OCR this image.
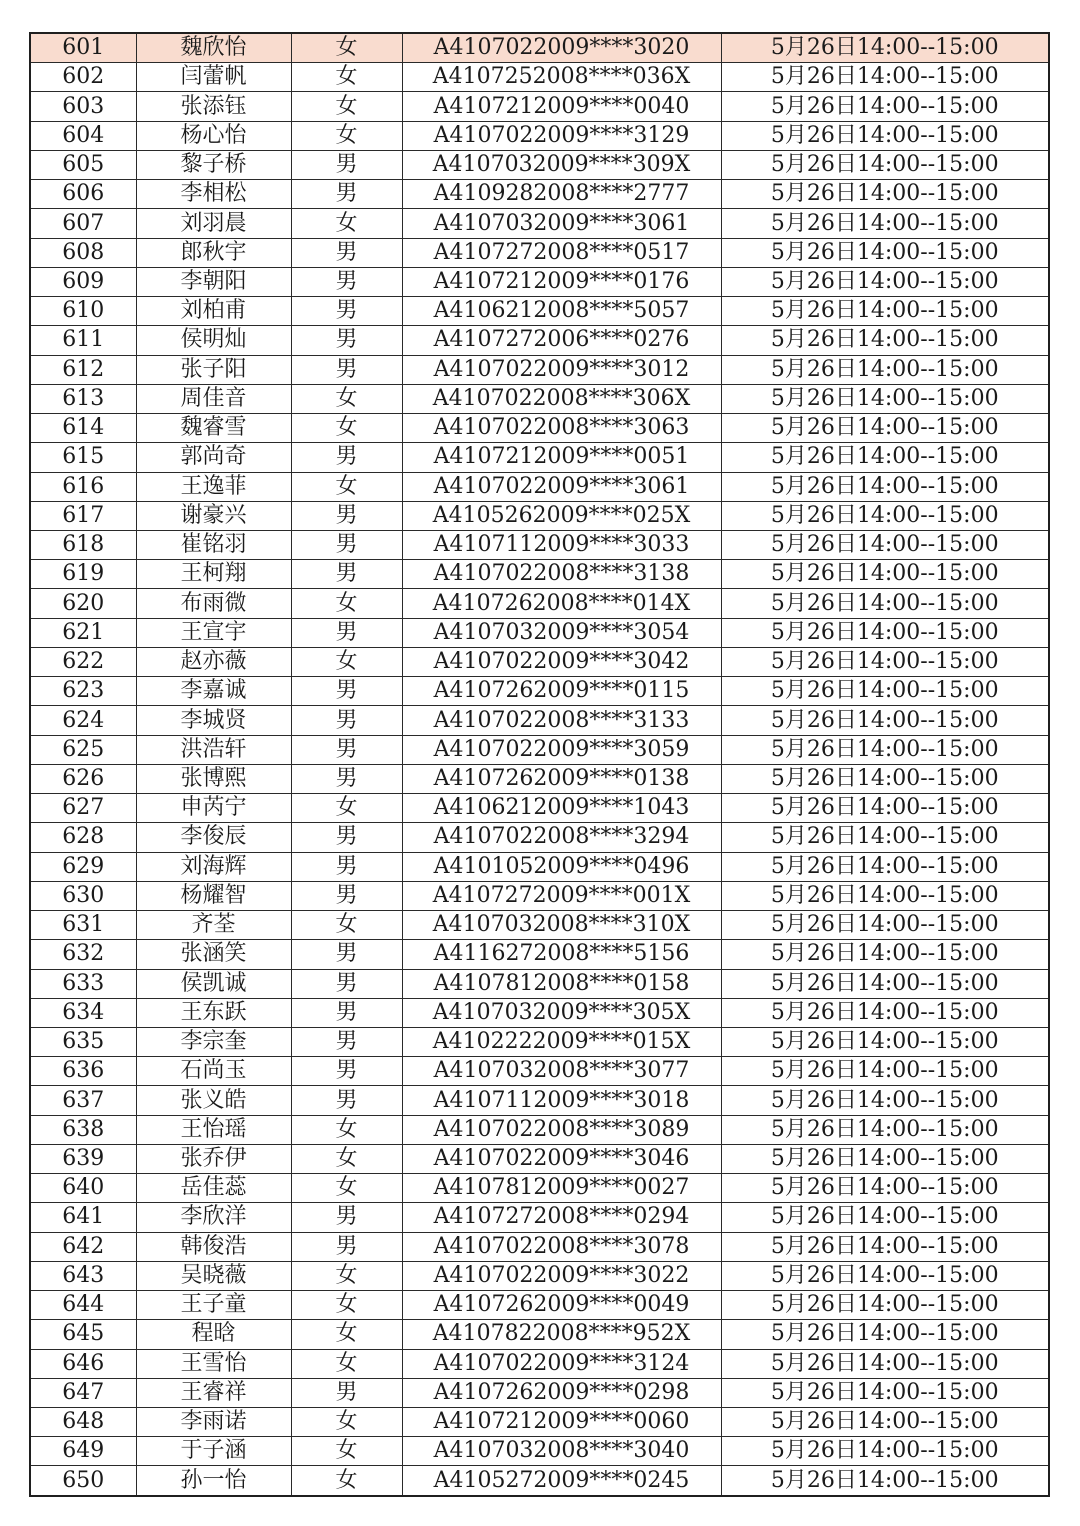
601	魏欣怡	女	A4107022009****3020	5月26日14:00--15:00
602	闫蕾帆	女	A4107252008****036X	5月26日14:00--15:00
603	张添钰	女	A4107212009****0040	5月26日14:00--15:00
604	杨心怡	女	A4107022009****3129	5月26日14:00--15:00
605	黎子桥	男	A4107032009****309X	5月26日14:00--15:00
606	李相松	男	A4109282008****2777	5月26日14:00--15:00
607	刘羽晨	女	A4107032009****3061	5月26日14:00--15:00
608	郎秋宇	男	A4107272008****0517	5月26日14:00--15:00
609	李朝阳	男	A4107212009****0176	5月26日14:00--15:00
610	刘柏甫	男	A4106212008****5057	5月26日14:00--15:00
611	侯明灿	男	A4107272006****0276	5月26日14:00--15:00
612	张子阳	男	A4107022009****3012	5月26日14:00--15:00
613	周佳音	女	A4107022008****306X	5月26日14:00--15:00
614	魏睿雪	女	A4107022008****3063	5月26日14:00--15:00
615	郭尚奇	男	A4107212009****0051	5月26日14:00--15:00
616	王逸菲	女	A4107022009****3061	5月26日14:00--15:00
617	谢豪兴	男	A4105262009****025X	5月26日14:00--15:00
618	崔铭羽	男	A4107112009****3033	5月26日14:00--15:00
619	王柯翔	男	A4107022008****3138	5月26日14:00--15:00
620	布雨微	女	A4107262008****014X	5月26日14:00--15:00
621	王宣宇	男	A4107032009****3054	5月26日14:00--15:00
622	赵亦薇	女	A4107022009****3042	5月26日14:00--15:00
623	李嘉诚	男	A4107262009****0115	5月26日14:00--15:00
624	李城贤	男	A4107022008****3133	5月26日14:00--15:00
625	洪浩轩	男	A4107022009****3059	5月26日14:00--15:00
626	张博熙	男	A4107262009****0138	5月26日14:00--15:00
627	申芮宁	女	A4106212009****1043	5月26日14:00--15:00
628	李俊辰	男	A4107022008****3294	5月26日14:00--15:00
629	刘海辉	男	A4101052009****0496	5月26日14:00--15:00
630	杨耀智	男	A4107272009****001X	5月26日14:00--15:00
631	齐荃	女	A4107032008****310X	5月26日14:00--15:00
632	张涵笑	男	A4116272008****5156	5月26日14:00--15:00
633	侯凯诚	男	A4107812008****0158	5月26日14:00--15:00
634	王东跃	男	A4107032009****305X	5月26日14:00--15:00
635	李宗奎	男	A4102222009****015X	5月26日14:00--15:00
636	石尚玉	男	A4107032008****3077	5月26日14:00--15:00
637	张义皓	男	A4107112009****3018	5月26日14:00--15:00
638	王怡瑶	女	A4107022008****3089	5月26日14:00--15:00
639	张乔伊	女	A4107022009****3046	5月26日14:00--15:00
640	岳佳蕊	女	A4107812009****0027	5月26日14:00--15:00
641	李欣洋	男	A4107272008****0294	5月26日14:00--15:00
642	韩俊浩	男	A4107022008****3078	5月26日14:00--15:00
643	吴晓薇	女	A4107022009****3022	5月26日14:00--15:00
644	王子童	女	A4107262009****0049	5月26日14:00--15:00
645	程晗	女	A4107822008****952X	5月26日14:00--15:00
646	王雪怡	女	A4107022009****3124	5月26日14:00--15:00
647	王睿祥	男	A4107262009****0298	5月26日14:00--15:00
648	李雨诺	女	A4107212009****0060	5月26日14:00--15:00
649	于子涵	女	A4107032008****3040	5月26日14:00--15:00
650	孙一怡	女	A4105272009****0245	5月26日14:00--15:00
